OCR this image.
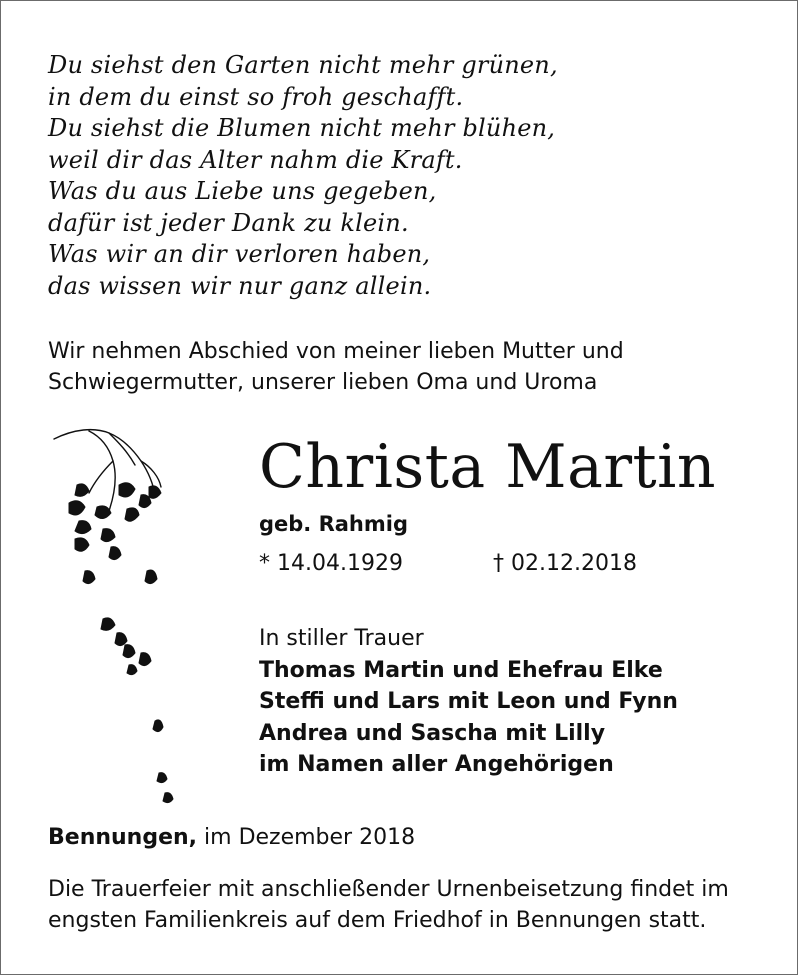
Du siehst den Garten nicht mehr grünen,
in dem du einst so froh geschafft.
Du siehst die Blumen nicht mehr blühen,
weil dir das Alter nahm die Kraft.
Was du aus Liebe uns gegeben,
dafür ist jeder Dank zu klein.
Was wir an dir verloren haben,
das wissen wir nur ganz allein.
Wir nehmen Abschied von meiner lieben Mutter und
Schwiegermutter, unserer lieben Oma und Uroma
Christa Martin
geb. Rahmig
* 14.04.1929	† 02.12.2018
In stiller Trauer
Thomas Martin und Ehefrau Elke
Steffi und Lars mit Leon und Fynn
Andrea und Sascha mit Lilly
im Namen aller Angehörigen
Bennungen, im Dezember 2018
Die Trauerfeier mit anschließender Urnenbeisetzung findet im
engsten Familienkreis auf dem Friedhof in Bennungen statt.
